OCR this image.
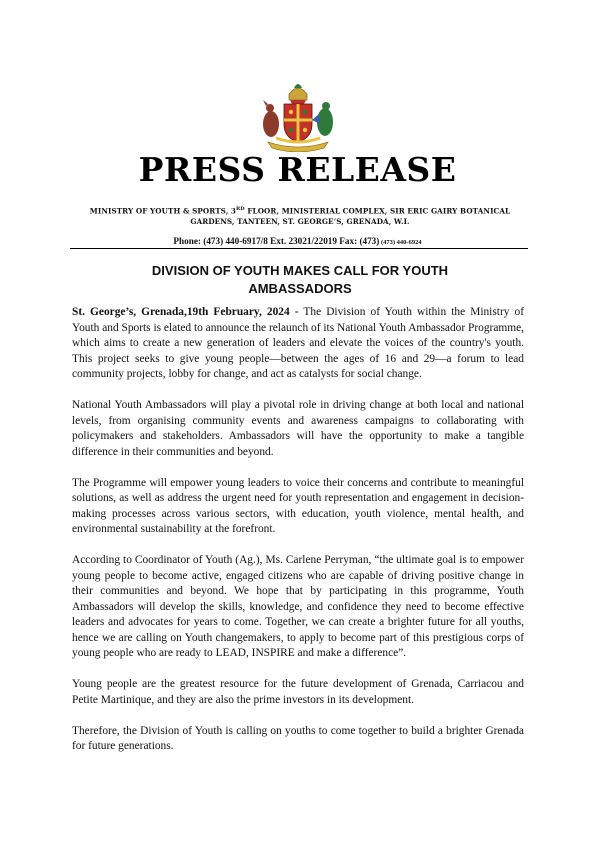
PRESS RELEASE
MINISTRY OF YOUTH & SPORTS, 3RD FLOOR, MINISTERIAL COMPLEX, SIR ERIC GAIRY BOTANICAL
GARDENS, TANTEEN, ST. GEORGE’S, GRENADA, W.I.
Phone: (473) 440-6917/8 Ext. 23021/22019 Fax: (473) (473) 440-6924
DIVISION OF YOUTH MAKES CALL FOR YOUTH
AMBASSADORS

St. George’s, Grenada,19th February, 2024 - The Division of Youth within the Ministry of Youth and Sports is elated to announce the relaunch of its National Youth Ambassador Programme, which aims to create a new generation of leaders and elevate the voices of the country's youth. This project seeks to give young people—between the ages of 16 and 29—a forum to lead community projects, lobby for change, and act as catalysts for social change.

National Youth Ambassadors will play a pivotal role in driving change at both local and national levels, from organising community events and awareness campaigns to collaborating with policymakers and stakeholders. Ambassadors will have the opportunity to make a tangible difference in their communities and beyond.

The Programme will empower young leaders to voice their concerns and contribute to meaningful solutions, as well as address the urgent need for youth representation and engagement in decision-making processes across various sectors, with education, youth violence, mental health, and environmental sustainability at the forefront.

According to Coordinator of Youth (Ag.), Ms. Carlene Perryman, “the ultimate goal is to empower young people to become active, engaged citizens who are capable of driving positive change in their communities and beyond. We hope that by participating in this programme, Youth Ambassadors will develop the skills, knowledge, and confidence they need to become effective leaders and advocates for years to come. Together, we can create a brighter future for all youths, hence we are calling on Youth changemakers, to apply to become part of this prestigious corps of young people who are ready to LEAD, INSPIRE and make a difference”.

Young people are the greatest resource for the future development of Grenada, Carriacou and Petite Martinique, and they are also the prime investors in its development.

Therefore, the Division of Youth is calling on youths to come together to build a brighter Grenada for future generations.
